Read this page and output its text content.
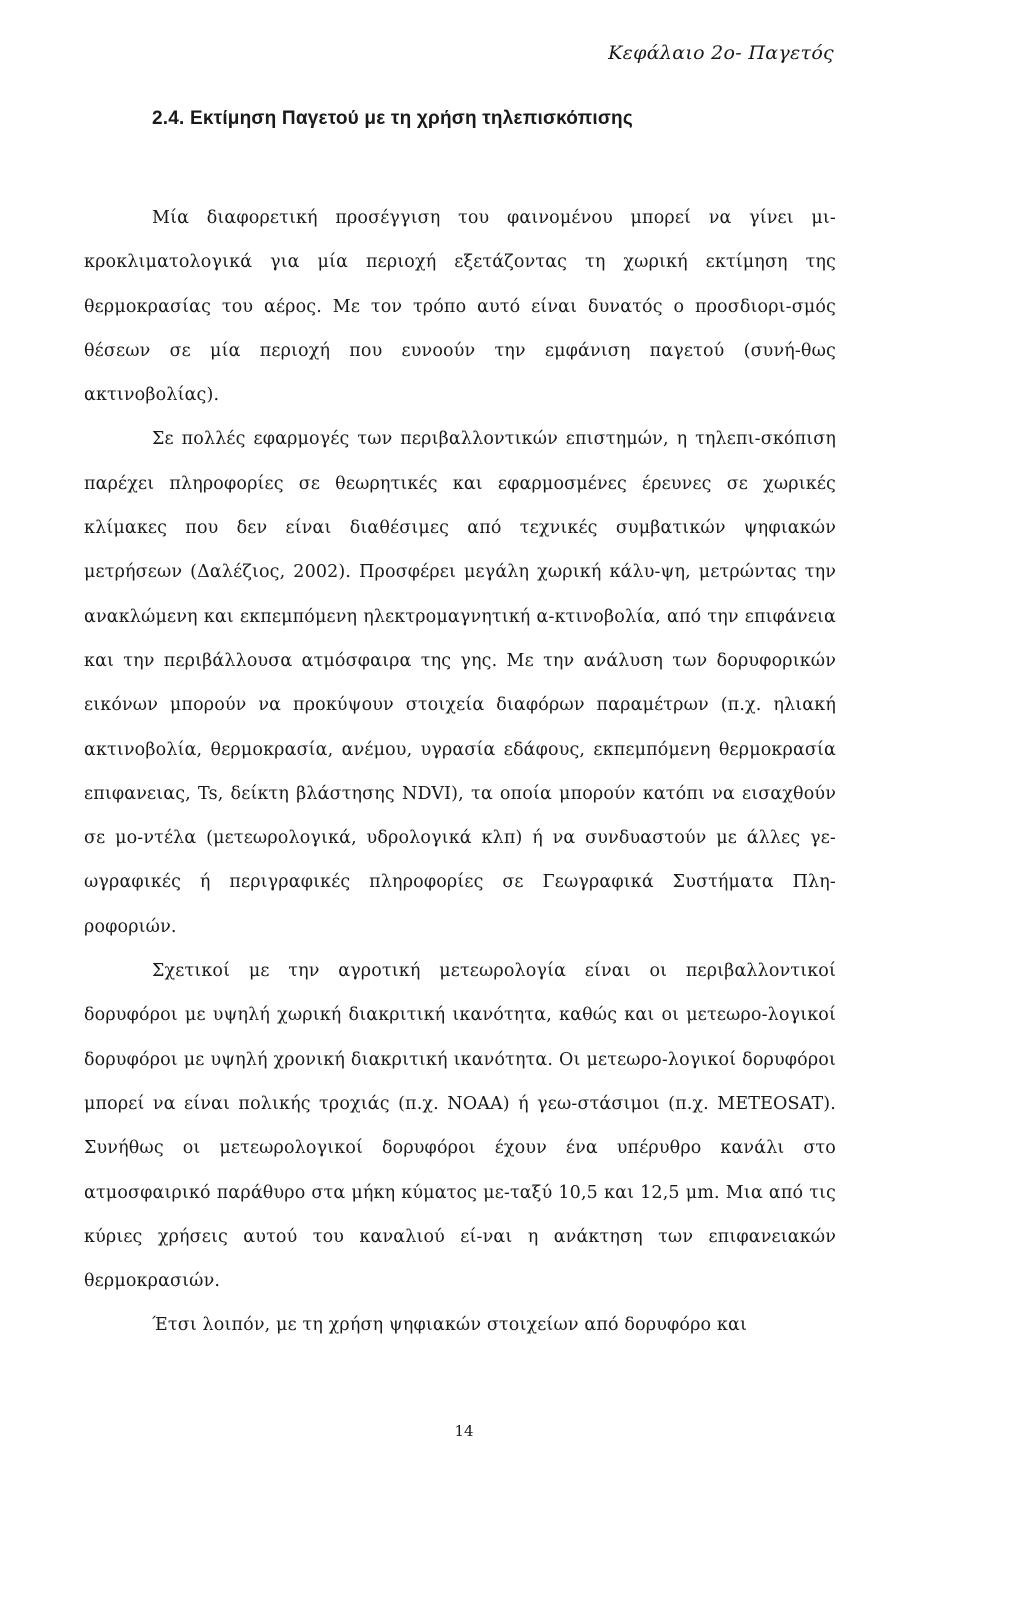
Κεφάλαιο 2ο- Παγετός
2.4. Εκτίμηση Παγετού με τη χρήση τηλεπισκόπισης

Μία διαφορετική προσέγγιση του φαινομένου μπορεί να γίνει μι-κροκλιματολογικά για μία περιοχή εξετάζοντας τη χωρική εκτίμηση της θερμοκρασίας του αέρος. Με τον τρόπο αυτό είναι δυνατός ο προσδιορι-σμός θέσεων σε μία περιοχή που ευνοούν την εμφάνιση παγετού (συνή-θως ακτινοβολίας).

Σε πολλές εφαρμογές των περιβαλλοντικών επιστημών, η τηλεπι-σκόπιση παρέχει πληροφορίες σε θεωρητικές και εφαρμοσμένες έρευνες σε χωρικές κλίμακες που δεν είναι διαθέσιμες από τεχνικές συμβατικών ψηφιακών μετρήσεων (Δαλέζιος, 2002). Προσφέρει μεγάλη χωρική κάλυ-ψη, μετρώντας την ανακλώμενη και εκπεμπόμενη ηλεκτρομαγνητική α-κτινοβολία, από την επιφάνεια και την περιβάλλουσα ατμόσφαιρα της γης. Με την ανάλυση των δορυφορικών εικόνων μπορούν να προκύψουν στοιχεία διαφόρων παραμέτρων (π.χ. ηλιακή ακτινοβολία, θερμοκρασία, ανέμου, υγρασία εδάφους, εκπεμπόμενη θερμοκρασία επιφανειας, Ts, δείκτη βλάστησης NDVI), τα οποία μπορούν κατόπι να εισαχθούν σε μο-ντέλα (μετεωρολογικά, υδρολογικά κλπ) ή να συνδυαστούν με άλλες γε-ωγραφικές ή περιγραφικές πληροφορίες σε Γεωγραφικά Συστήματα Πλη-ροφοριών.

Σχετικοί με την αγροτική μετεωρολογία είναι οι περιβαλλοντικοί δορυφόροι με υψηλή χωρική διακριτική ικανότητα, καθώς και οι μετεωρο-λογικοί δορυφόροι με υψηλή χρονική διακριτική ικανότητα. Οι μετεωρο-λογικοί δορυφόροι μπορεί να είναι πολικής τροχιάς (π.χ. NOAA) ή γεω-στάσιμοι (π.χ. METEOSAT). Συνήθως οι μετεωρολογικοί δορυφόροι έχουν ένα υπέρυθρο κανάλι στο ατμοσφαιρικό παράθυρο στα μήκη κύματος με-ταξύ 10,5 και 12,5 μm. Μια από τις κύριες χρήσεις αυτού του καναλιού εί-ναι η ανάκτηση των επιφανειακών θερμοκρασιών.

Έτσι λοιπόν, με τη χρήση ψηφιακών στοιχείων από δορυφόρο και

14
